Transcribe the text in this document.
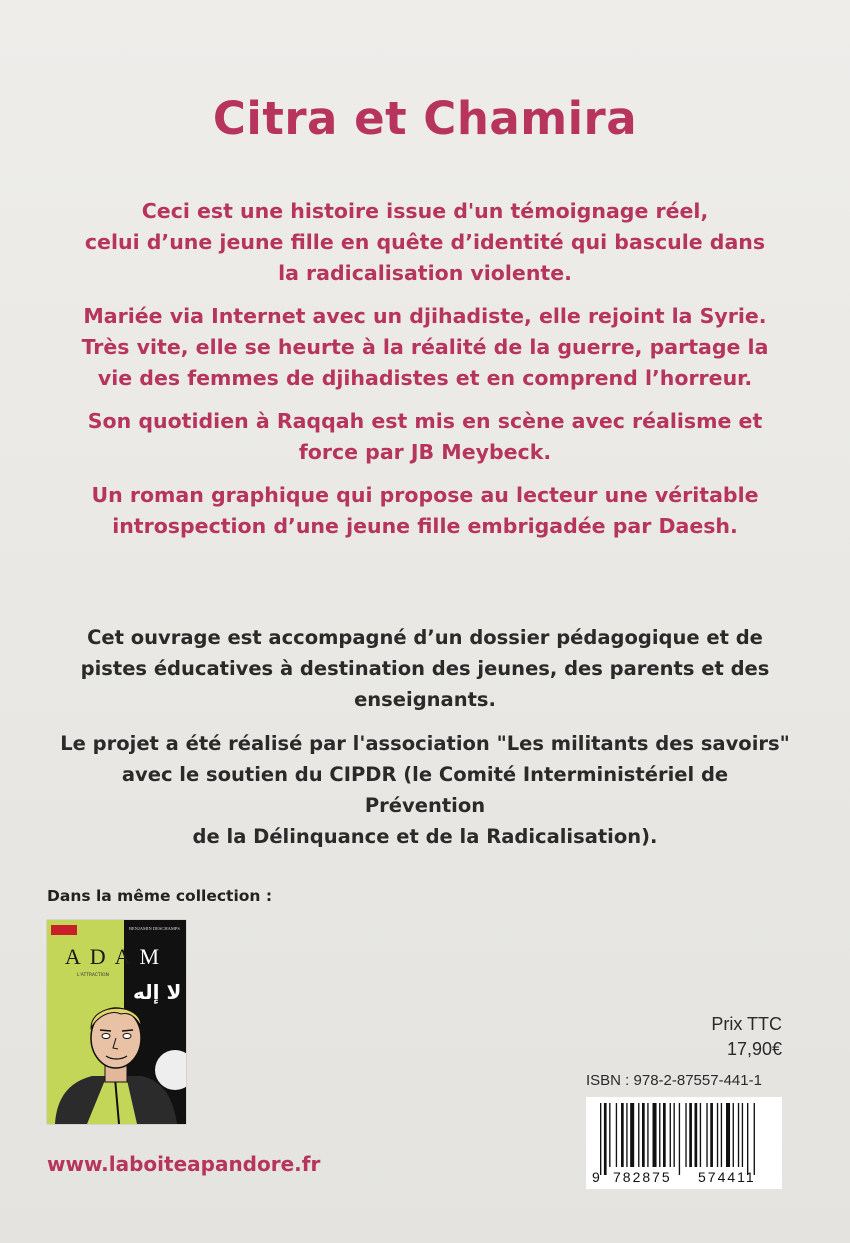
Citra et Chamira

Ceci est une histoire issue d'un témoignage réel,
celui d’une jeune fille en quête d’identité qui bascule dans
la radicalisation violente.

Mariée via Internet avec un djihadiste, elle rejoint la Syrie.
Très vite, elle se heurte à la réalité de la guerre, partage la
vie des femmes de djihadistes et en comprend l’horreur.

Son quotidien à Raqqah est mis en scène avec réalisme et
force par JB Meybeck.

Un roman graphique qui propose au lecteur une véritable
introspection d’une jeune fille embrigadée par Daesh.

Cet ouvrage est accompagné d’un dossier pédagogique et de
pistes éducatives à destination des jeunes, des parents et des
enseignants.

Le projet a été réalisé par l'association "Les militants des savoirs"
avec le soutien du CIPDR (le Comité Interministériel de Prévention
de la Délinquance et de la Radicalisation).

Dans la même collection :
BENJAMIN DESCHAMPS
ADAM
L'ATTRACTION
لا إله
Prix TTC
17,90€
ISBN : 978-2-87557-441-1
9 782875 574411
www.laboiteapandore.fr
